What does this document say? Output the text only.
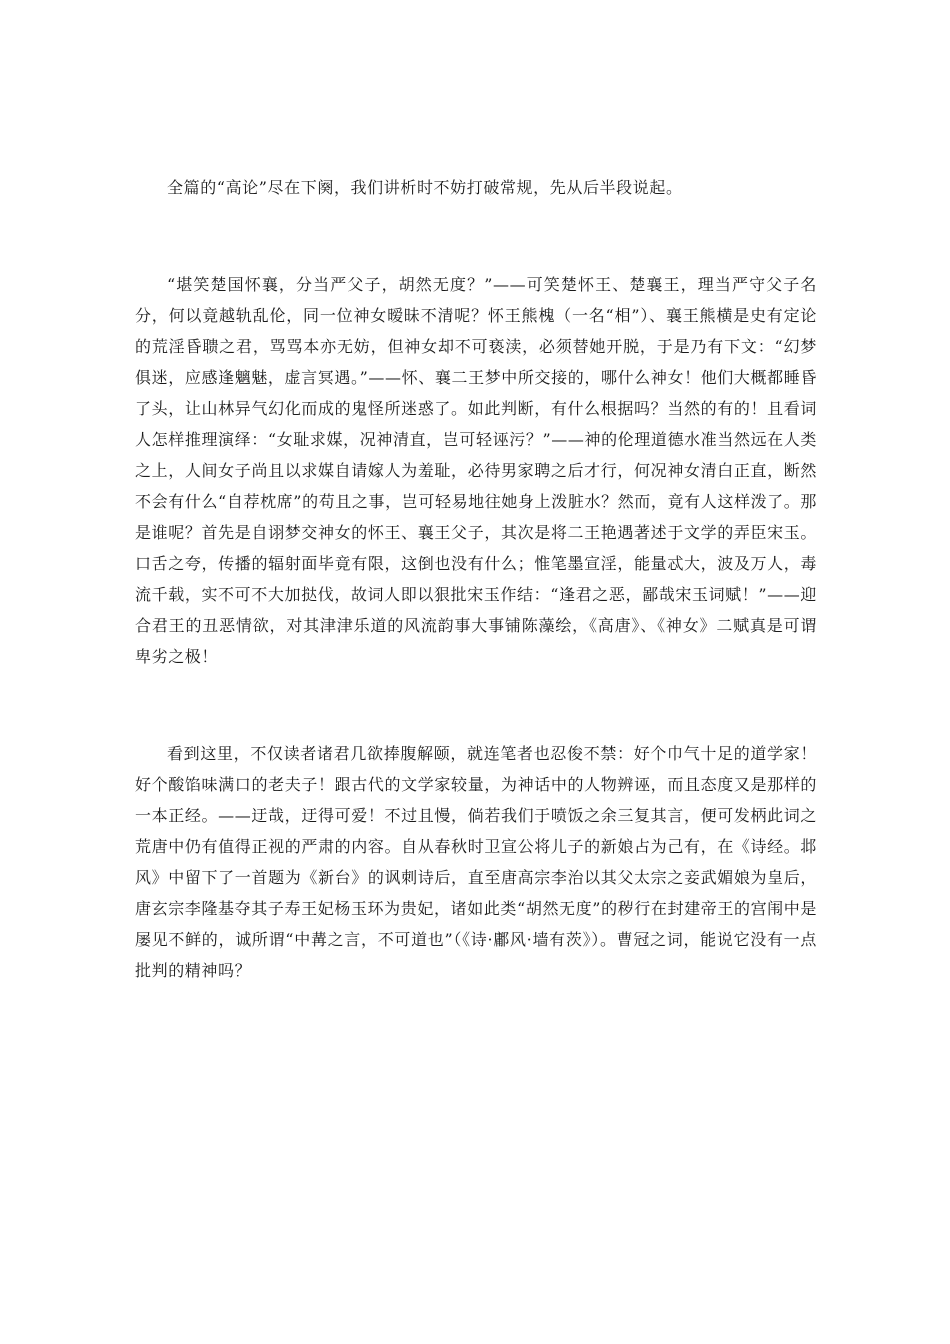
全篇的“高论”尽在下阕，我们讲析时不妨打破常规，先从后半段说起。

“堪笑楚国怀襄，分当严父子，胡然无度？”——可笑楚怀王、楚襄王，理当严守父子名分，何以竟越轨乱伦，同一位神女暧昧不清呢？怀王熊槐（一名“相”）、襄王熊横是史有定论的荒淫昏聩之君，骂骂本亦无妨，但神女却不可亵渎，必须替她开脱，于是乃有下文：“幻梦俱迷，应感逢魑魅，虚言冥遇。”——怀、襄二王梦中所交接的，哪什么神女！他们大概都睡昏了头，让山林异气幻化而成的鬼怪所迷惑了。如此判断，有什么根据吗？当然的有的！且看词人怎样推理演绎：“女耻求媒，况神清直，岂可轻诬污？”——神的伦理道德水准当然远在人类之上，人间女子尚且以求媒自请嫁人为羞耻，必待男家聘之后才行，何况神女清白正直，断然不会有什么“自荐枕席”的苟且之事，岂可轻易地往她身上泼脏水？然而，竟有人这样泼了。那是谁呢？首先是自诩梦交神女的怀王、襄王父子，其次是将二王艳遇著述于文学的弄臣宋玉。口舌之夸，传播的辐射面毕竟有限，这倒也没有什么；惟笔墨宣淫，能量忒大，波及万人，毒流千载，实不可不大加挞伐，故词人即以狠批宋玉作结：“逢君之恶，鄙哉宋玉词赋！”——迎合君王的丑恶情欲，对其津津乐道的风流韵事大事铺陈藻绘，《高唐》、《神女》二赋真是可谓卑劣之极！

看到这里，不仅读者诸君几欲捧腹解颐，就连笔者也忍俊不禁：好个巾气十足的道学家！好个酸馅味满口的老夫子！跟古代的文学家较量，为神话中的人物辨诬，而且态度又是那样的一本正经。——迂哉，迂得可爱！不过且慢，倘若我们于喷饭之余三复其言，便可发柄此词之荒唐中仍有值得正视的严肃的内容。自从春秋时卫宣公将儿子的新娘占为己有，在《诗经。邶风》中留下了一首题为《新台》的讽刺诗后，直至唐高宗李治以其父太宗之妾武媚娘为皇后，唐玄宗李隆基夺其子寿王妃杨玉环为贵妃，诸如此类“胡然无度”的秽行在封建帝王的宫闱中是屡见不鲜的，诚所谓“中冓之言，不可道也”（《诗·鄘风·墙有茨》）。曹冠之词，能说它没有一点批判的精神吗？
